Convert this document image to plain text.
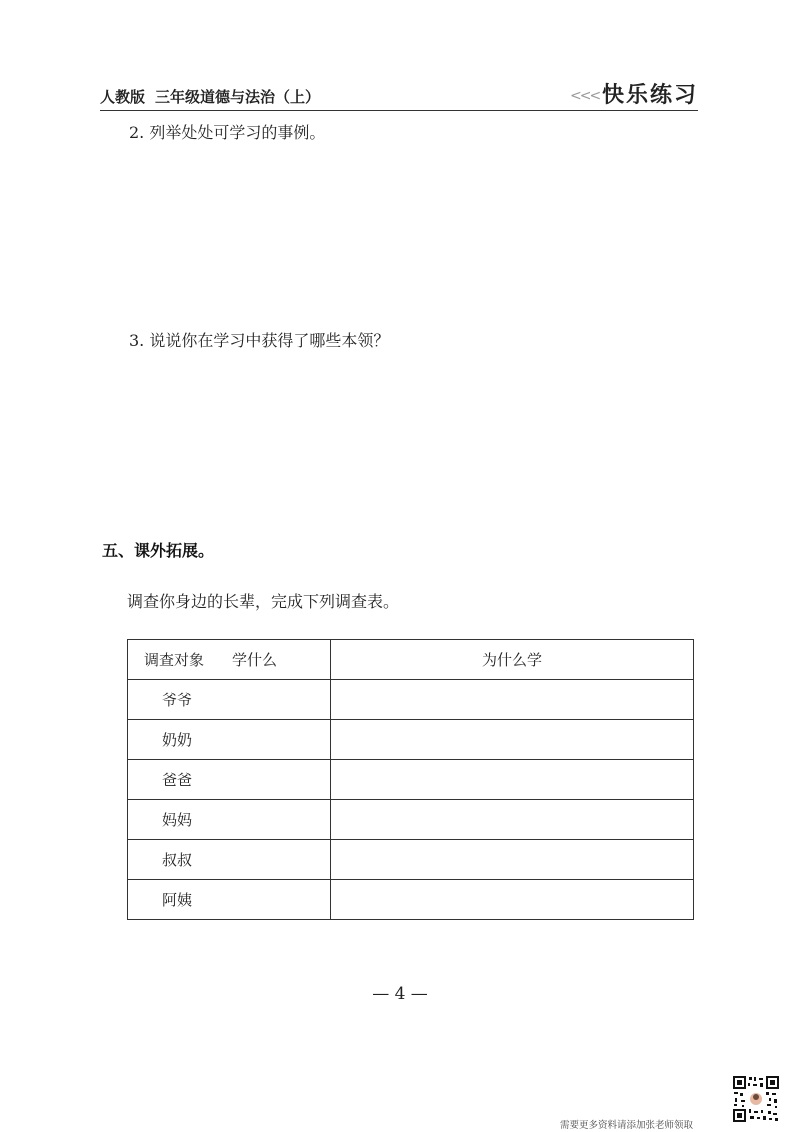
人教版 三年级道德与法治（上）	<<< 快乐练习
2. 列举处处可学习的事例。
3. 说说你在学习中获得了哪些本领？
五、课外拓展。
调查你身边的长辈，完成下列调查表。
调查对象 学什么	为什么学
爷爷	
奶奶	
爸爸	
妈妈	
叔叔	
阿姨	
— 4 —
需要更多资料请添加张老师领取
